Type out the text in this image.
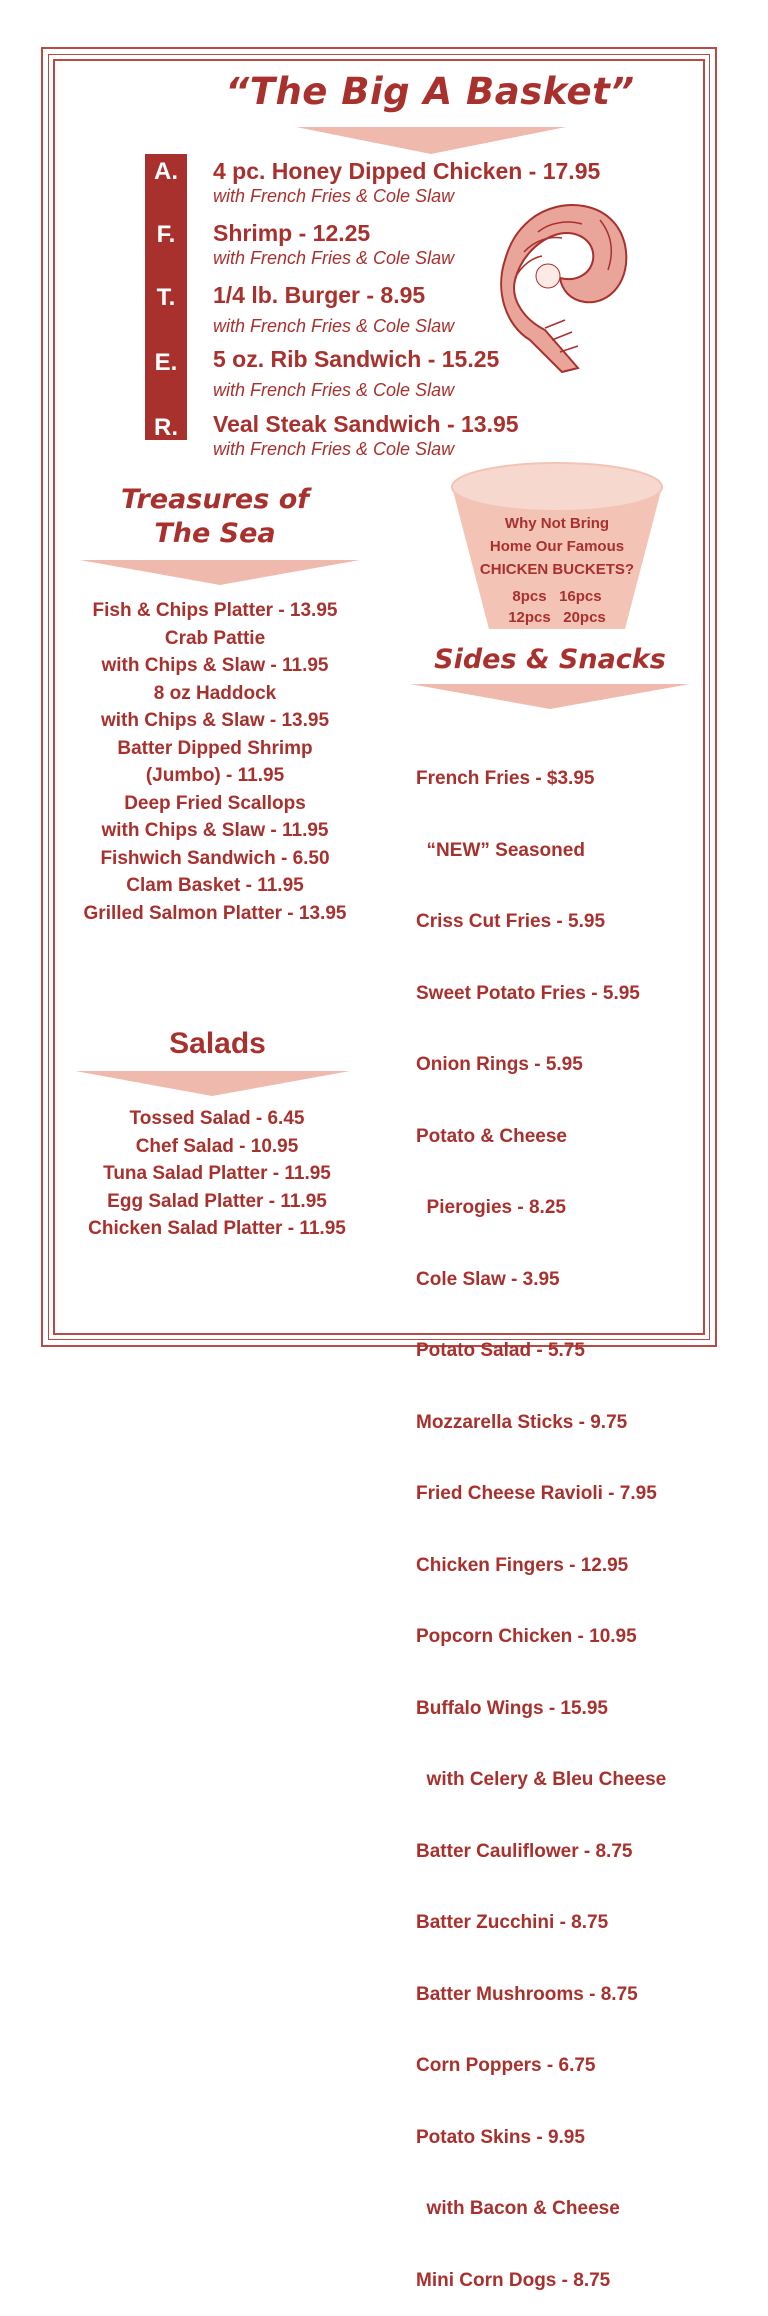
“The Big A Basket”
A.
F.
T.
E.
R.
4 pc. Honey Dipped Chicken - 17.95
with French Fries & Cole Slaw
Shrimp - 12.25
with French Fries & Cole Slaw
1/4 lb. Burger - 8.95
with French Fries & Cole Slaw
5 oz. Rib Sandwich - 15.25
with French Fries & Cole Slaw
Veal Steak Sandwich - 13.95
with French Fries & Cole Slaw
Treasures of
The Sea
Fish & Chips Platter - 13.95
Crab Pattie
with Chips & Slaw - 11.95
8 oz Haddock
with Chips & Slaw - 13.95
Batter Dipped Shrimp
(Jumbo) - 11.95
Deep Fried Scallops
with Chips & Slaw - 11.95
Fishwich Sandwich - 6.50
Clam Basket - 11.95
Grilled Salmon Platter - 13.95
Why Not Bring
Home Our Famous
CHICKEN BUCKETS?
8pcs   16pcs
12pcs   20pcs
Sides & Snacks

French Fries - $3.95

“NEW” Seasoned

Criss Cut Fries - 5.95

Sweet Potato Fries - 5.95

Onion Rings - 5.95

Potato & Cheese

Pierogies - 8.25

Cole Slaw - 3.95

Potato Salad - 5.75

Mozzarella Sticks - 9.75

Fried Cheese Ravioli - 7.95

Chicken Fingers - 12.95

Popcorn Chicken - 10.95

Buffalo Wings - 15.95

with Celery & Bleu Cheese

Batter Cauliflower - 8.75

Batter Zucchini - 8.75

Batter Mushrooms - 8.75

Corn Poppers - 6.75

Potato Skins - 9.95

with Bacon & Cheese

Mini Corn Dogs - 8.75

Salads
Tossed Salad - 6.45
Chef Salad - 10.95
Tuna Salad Platter - 11.95
Egg Salad Platter - 11.95
Chicken Salad Platter - 11.95
